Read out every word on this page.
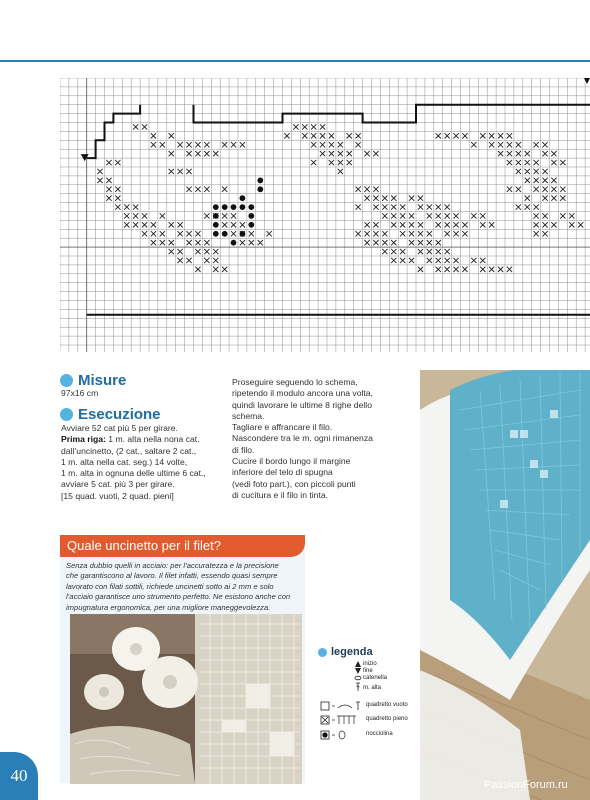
Misure
97x16 cm
Esecuzione

Avviare 52 cat più 5 per girare.

Prima riga: 1 m. alta nella nona cat.

dall’uncinetto, (2 cat., saltare 2 cat.,

1 m. alta nella cat. seg.) 14 volte,

1 m. alta in ognuna delle ultime 6 cat.,

avviare 5 cat. più 3 per girare.

[15 quad. vuoti, 2 quad. pieni]

Proseguire seguendo lo schema,

ripetendo il modulo ancora una volta,

quindi lavorare le ultime 8 righe dello

schema.

Tagliare e affrancare il filo.

Nascondere tra le m. ogni rimanenza

di filo.

Cucire il bordo lungo il margine

inferiore del telo di spugna

(vedi foto part.), con piccoli punti

di cucitura e il filo in tinta.

Quale uncinetto per il filet?
Senza dubbio quelli in acciaio: per l’accuratezza e la precisione
che garantiscono al lavoro. Il filet infatti, essendo quasi sempre
lavorato con filati sottili, richiede uncinetti sotto ai 2 mm e solo
l’acciaio garantisce uno strumento perfetto. Ne esistono anche con
impugnatura ergonomica, per una migliore maneggevolezza.
legenda
inizio
fine
catenella
m. alta
quadretto vuoto
quadretto pieno
nocciolina
40	PassionForum.ru
